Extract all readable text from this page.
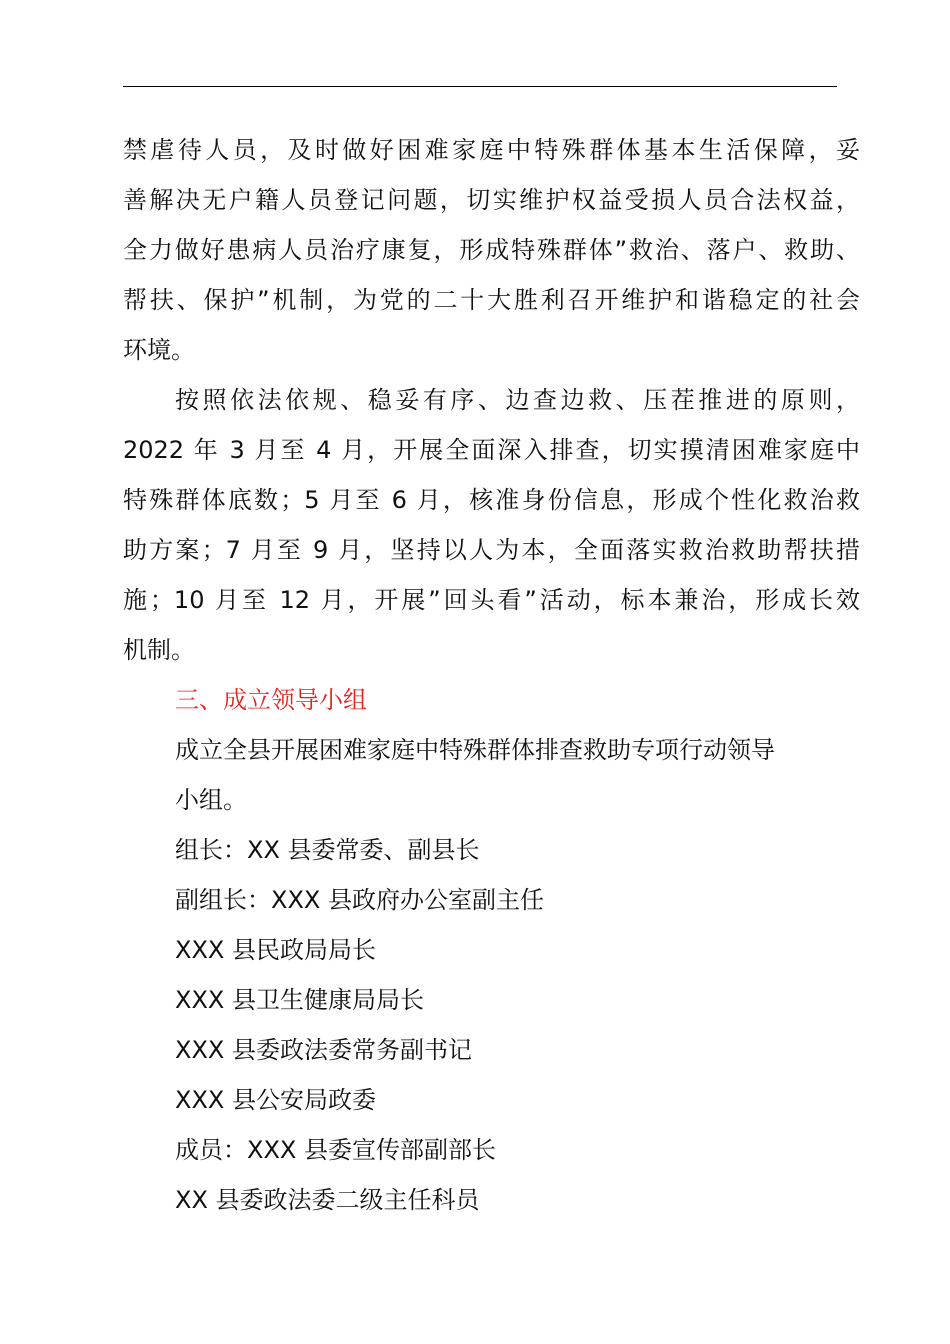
禁虐待人员，及时做好困难家庭中特殊群体基本生活保障，妥
善解决无户籍人员登记问题，切实维护权益受损人员合法权益，
全力做好患病人员治疗康复，形成特殊群体”救治、落户、救助、
帮扶、保护”机制，为党的二十大胜利召开维护和谐稳定的社会
环境。
按照依法依规、稳妥有序、边查边救、压茬推进的原则，
2022 年 3 月至 4 月，开展全面深入排查，切实摸清困难家庭中
特殊群体底数；5 月至 6 月，核准身份信息，形成个性化救治救
助方案；7 月至 9 月，坚持以人为本，全面落实救治救助帮扶措
施；10 月至 12 月，开展”回头看”活动，标本兼治，形成长效
机制。
三、成立领导小组
成立全县开展困难家庭中特殊群体排查救助专项行动领导
小组。
组长：XX 县委常委、副县长
副组长：XXX 县政府办公室副主任
XXX 县民政局局长
XXX 县卫生健康局局长
XXX 县委政法委常务副书记
XXX 县公安局政委
成员：XXX 县委宣传部副部长
XX 县委政法委二级主任科员
